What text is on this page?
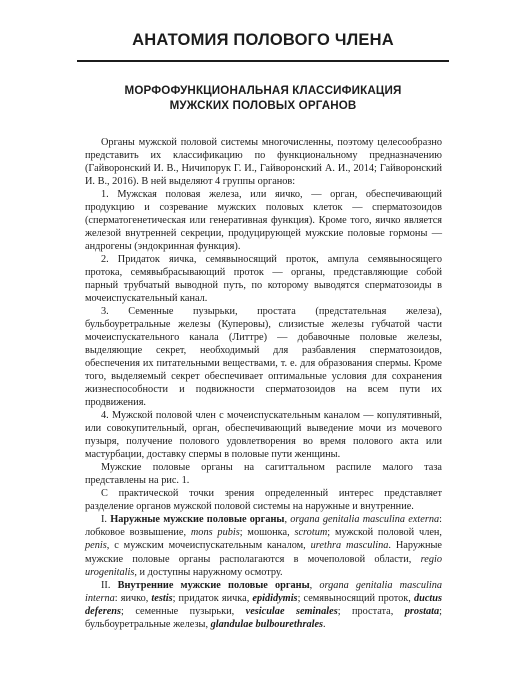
АНАТОМИЯ ПОЛОВОГО ЧЛЕНА
МОРФОФУНКЦИОНАЛЬНАЯ КЛАССИФИКАЦИЯ
МУЖСКИХ ПОЛОВЫХ ОРГАНОВ

Органы мужской половой системы многочисленны, поэтому целесообразно представить их классификацию по функциональному предназначению (Гайворонский И. В., Ничипорук Г. И., Гайворонский А. И., 2014; Гайворонский И. В., 2016). В ней выделяют 4 группы органов:

1. Мужская половая железа, или яичко, — орган, обеспечивающий продукцию и созревание мужских половых клеток — сперматозоидов (сперматогенетическая или генеративная функция). Кроме того, яичко является железой внутренней секреции, продуцирующей мужские половые гормоны — андрогены (эндокринная функция).

2. Придаток яичка, семявыносящий проток, ампула семявыносящего протока, семявыбрасывающий проток — органы, представляющие собой парный трубчатый выводной путь, по которому выводятся сперматозоиды в мочеиспускательный канал.

3. Семенные пузырьки, простата (предстательная железа), бульбоуретральные железы (Куперовы), слизистые железы губчатой части мочеиспускательного канала (Литтре) — добавочные половые железы, выделяющие секрет, необходимый для разбавления сперматозоидов, обеспечения их питательными веществами, т. е. для образования спермы. Кроме того, выделяемый секрет обеспечивает оптимальные условия для сохранения жизнеспособности и подвижности сперматозоидов на всем пути их продвижения.

4. Мужской половой член с мочеиспускательным каналом — копулятивный, или совокупительный, орган, обеспечивающий выведение мочи из мочевого пузыря, получение полового удовлетворения во время полового акта или мастурбации, доставку спермы в половые пути женщины.

Мужские половые органы на сагиттальном распиле малого таза представлены на рис. 1.

С практической точки зрения определенный интерес представляет разделение органов мужской половой системы на наружные и внутренние.

I. Наружные мужские половые органы, organa genitalia masculina externa: лобковое возвышение, mons pubis; мошонка, scrotum; мужской половой член, penis, с мужским мочеиспускательным каналом, urethra masculina. Наружные мужские половые органы располагаются в мочеполовой области, regio urogenitalis, и доступны наружному осмотру.

II. Внутренние мужские половые органы, organa genitalia masculina interna: яичко, testis; придаток яичка, epididymis; семявыносящий проток, ductus deferens; семенные пузырьки, vesiculae seminales; простата, prostata; бульбоуретральные железы, glandulae bulbourethrales.
